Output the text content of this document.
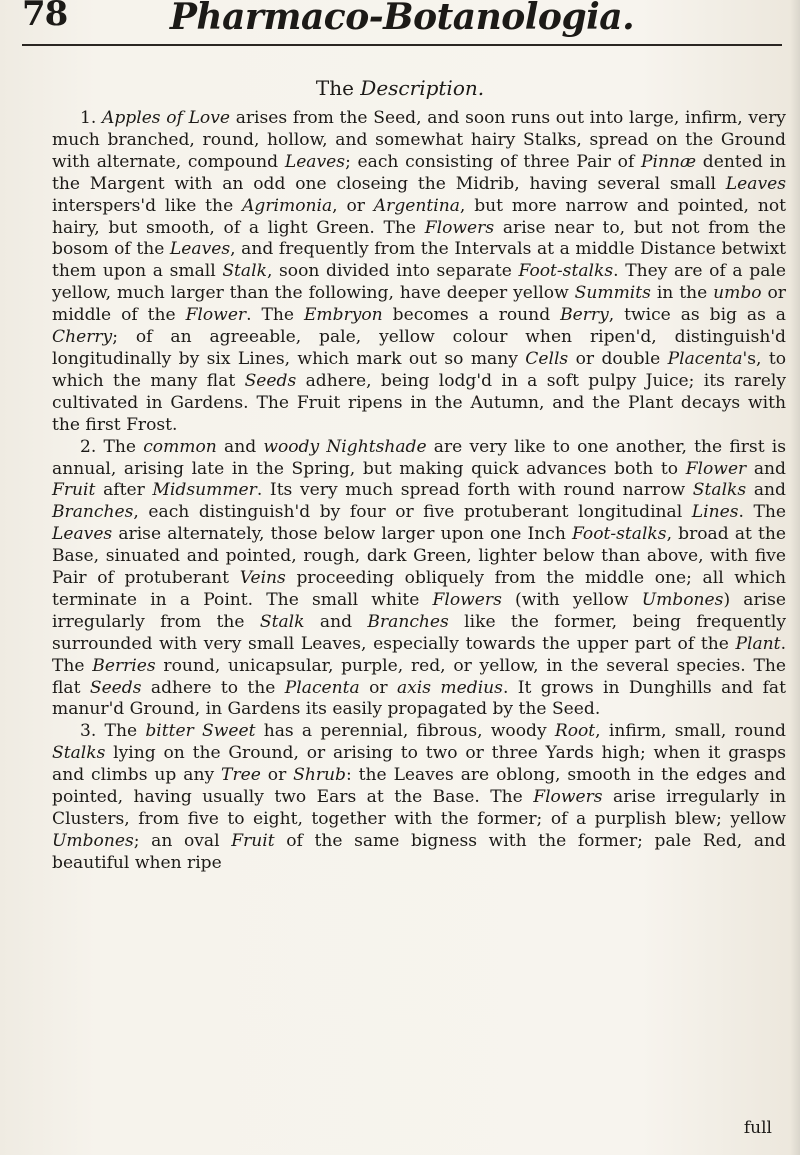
78	Pharmaco-Botanologia.
The Description.

1. Apples of Love arises from the Seed, and soon runs out into large, infirm, very much branched, round, hollow, and somewhat hairy Stalks, spread on the Ground with alternate, compound Leaves; each consisting of three Pair of Pinnæ dented in the Margent with an odd one closeing the Midrib, having several small Leaves interspers'd like the Agrimonia, or Argentina, but more narrow and pointed, not hairy, but smooth, of a light Green. The Flowers arise near to, but not from the bosom of the Leaves, and frequently from the Intervals at a middle Distance betwixt them upon a small Stalk, soon divided into separate Foot-stalks. They are of a pale yellow, much larger than the following, have deeper yellow Summits in the umbo or middle of the Flower. The Embryon becomes a round Berry, twice as big as a Cherry; of an agreeable, pale, yellow colour when ripen'd, distinguish'd longitudinally by six Lines, which mark out so many Cells or double Placenta's, to which the many flat Seeds adhere, being lodg'd in a soft pulpy Juice; its rarely cultivated in Gardens. The Fruit ripens in the Autumn, and the Plant decays with the first Frost.

2. The common and woody Nightshade are very like to one another, the first is annual, arising late in the Spring, but making quick advances both to Flower and Fruit after Midsummer. Its very much spread forth with round narrow Stalks and Branches, each distinguish'd by four or five protuberant longitudinal Lines. The Leaves arise alternately, those below larger upon one Inch Foot-stalks, broad at the Base, sinuated and pointed, rough, dark Green, lighter below than above, with five Pair of protuberant Veins proceeding obliquely from the middle one; all which terminate in a Point. The small white Flowers (with yellow Umbones) arise irregularly from the Stalk and Branches like the former, being frequently surrounded with very small Leaves, especially towards the upper part of the Plant. The Berries round, unicapsular, purple, red, or yellow, in the several species. The flat Seeds adhere to the Placenta or axis medius. It grows in Dunghills and fat manur'd Ground, in Gardens its easily propagated by the Seed.

3. The bitter Sweet has a perennial, fibrous, woody Root, infirm, small, round Stalks lying on the Ground, or arising to two or three Yards high; when it grasps and climbs up any Tree or Shrub: the Leaves are oblong, smooth in the edges and pointed, having usually two Ears at the Base. The Flowers arise irregularly in Clusters, from five to eight, together with the former; of a purplish blew; yellow Umbones; an oval Fruit of the same bigness with the former; pale Red, and beautiful when ripe

full
